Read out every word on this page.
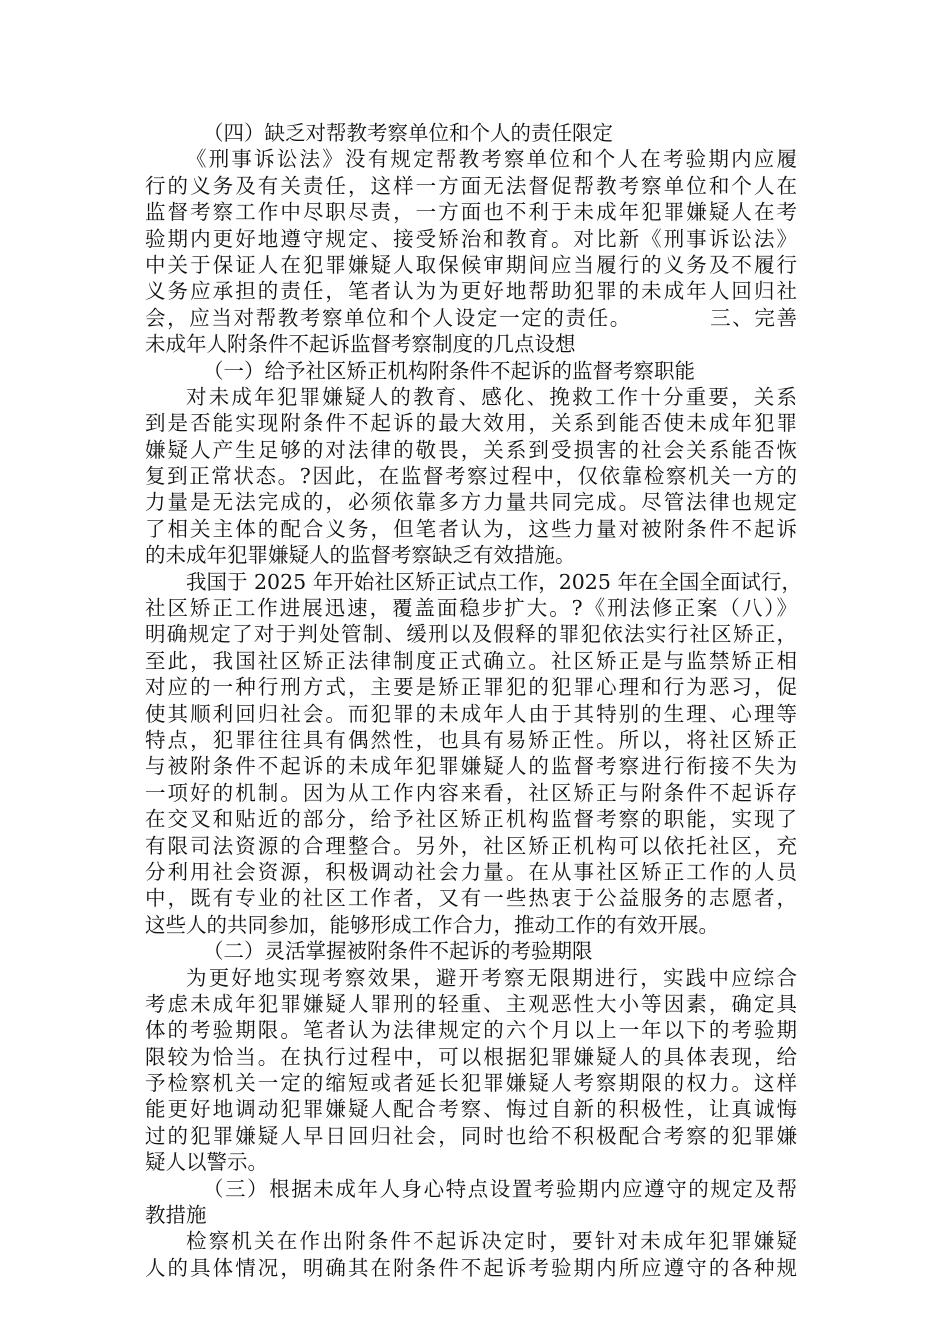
（四）缺乏对帮教考察单位和个人的责任限定
《刑事诉讼法》没有规定帮教考察单位和个人在考验期内应履
行的义务及有关责任，这样一方面无法督促帮教考察单位和个人在
监督考察工作中尽职尽责，一方面也不利于未成年犯罪嫌疑人在考
验期内更好地遵守规定、接受矫治和教育。对比新《刑事诉讼法》
中关于保证人在犯罪嫌疑人取保候审期间应当履行的义务及不履行
义务应承担的责任，笔者认为为更好地帮助犯罪的未成年人回归社
会，应当对帮教考察单位和个人设定一定的责任。　　　　三、完善
未成年人附条件不起诉监督考察制度的几点设想
（一）给予社区矫正机构附条件不起诉的监督考察职能
对未成年犯罪嫌疑人的教育、感化、挽救工作十分重要，关系
到是否能实现附条件不起诉的最大效用，关系到能否使未成年犯罪
嫌疑人产生足够的对法律的敬畏，关系到受损害的社会关系能否恢
复到正常状态。?因此，在监督考察过程中，仅依靠检察机关一方的
力量是无法完成的，必须依靠多方力量共同完成。尽管法律也规定
了相关主体的配合义务，但笔者认为，这些力量对被附条件不起诉
的未成年犯罪嫌疑人的监督考察缺乏有效措施。
我国于 2025 年开始社区矫正试点工作，2025 年在全国全面试行，
社区矫正工作进展迅速，覆盖面稳步扩大。?《刑法修正案（八）》
明确规定了对于判处管制、缓刑以及假释的罪犯依法实行社区矫正，
至此，我国社区矫正法律制度正式确立。社区矫正是与监禁矫正相
对应的一种行刑方式，主要是矫正罪犯的犯罪心理和行为恶习，促
使其顺利回归社会。而犯罪的未成年人由于其特别的生理、心理等
特点，犯罪往往具有偶然性，也具有易矫正性。所以，将社区矫正
与被附条件不起诉的未成年犯罪嫌疑人的监督考察进行衔接不失为
一项好的机制。因为从工作内容来看，社区矫正与附条件不起诉存
在交叉和贴近的部分，给予社区矫正机构监督考察的职能，实现了
有限司法资源的合理整合。另外，社区矫正机构可以依托社区，充
分利用社会资源，积极调动社会力量。在从事社区矫正工作的人员
中，既有专业的社区工作者，又有一些热衷于公益服务的志愿者，
这些人的共同参加，能够形成工作合力，推动工作的有效开展。
（二）灵活掌握被附条件不起诉的考验期限
为更好地实现考察效果，避开考察无限期进行，实践中应综合
考虑未成年犯罪嫌疑人罪刑的轻重、主观恶性大小等因素，确定具
体的考验期限。笔者认为法律规定的六个月以上一年以下的考验期
限较为恰当。在执行过程中，可以根据犯罪嫌疑人的具体表现，给
予检察机关一定的缩短或者延长犯罪嫌疑人考察期限的权力。这样
能更好地调动犯罪嫌疑人配合考察、悔过自新的积极性，让真诚悔
过的犯罪嫌疑人早日回归社会，同时也给不积极配合考察的犯罪嫌
疑人以警示。
（三）根据未成年人身心特点设置考验期内应遵守的规定及帮
教措施
检察机关在作出附条件不起诉决定时，要针对未成年犯罪嫌疑
人的具体情况，明确其在附条件不起诉考验期内所应遵守的各种规
